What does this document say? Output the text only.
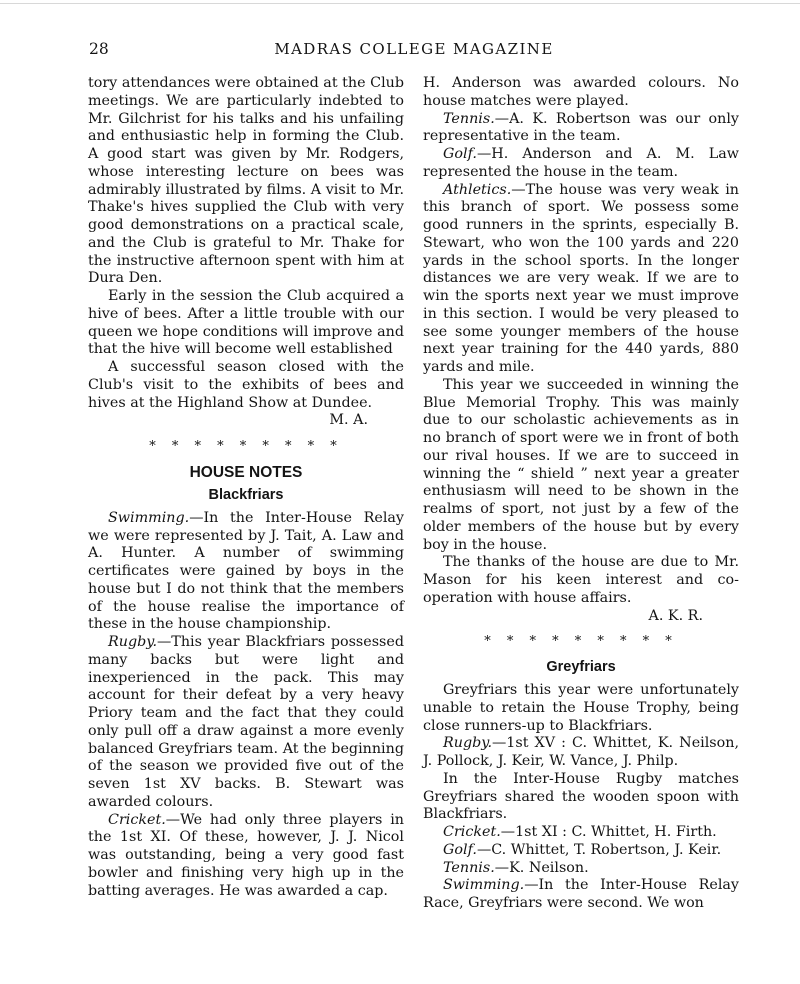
28	MADRAS COLLEGE MAGAZINE

tory attendances were obtained at the Club meetings. We are particularly indebted to Mr. Gilchrist for his talks and his unfailing and enthusiastic help in forming the Club. A good start was given by Mr. Rodgers, whose interesting lecture on bees was admirably illustrated by films. A visit to Mr. Thake's hives supplied the Club with very good demonstrations on a practical scale, and the Club is grateful to Mr. Thake for the instructive afternoon spent with him at Dura Den.

Early in the session the Club acquired a hive of bees. After a little trouble with our queen we hope conditions will improve and that the hive will become well established

A successful season closed with the Club's visit to the exhibits of bees and hives at the Highland Show at Dundee.

M. A.

* * * * * * * * *
HOUSE NOTES
Blackfriars

Swimming.—In the Inter-House Relay we were represented by J. Tait, A. Law and A. Hunter. A number of swimming certificates were gained by boys in the house but I do not think that the members of the house realise the importance of these in the house championship.

Rugby.—This year Blackfriars possessed many backs but were light and inexperienced in the pack. This may account for their defeat by a very heavy Priory team and the fact that they could only pull off a draw against a more evenly balanced Greyfriars team. At the beginning of the season we provided five out of the seven 1st XV backs. B. Stewart was awarded colours.

Cricket.—We had only three players in the 1st XI. Of these, however, J. J. Nicol was outstanding, being a very good fast bowler and finishing very high up in the batting averages. He was awarded a cap.

H. Anderson was awarded colours. No house matches were played.

Tennis.—A. K. Robertson was our only representative in the team.

Golf.—H. Anderson and A. M. Law represented the house in the team.

Athletics.—The house was very weak in this branch of sport. We possess some good runners in the sprints, especially B. Stewart, who won the 100 yards and 220 yards in the school sports. In the longer distances we are very weak. If we are to win the sports next year we must improve in this section. I would be very pleased to see some younger members of the house next year training for the 440 yards, 880 yards and mile.

This year we succeeded in winning the Blue Memorial Trophy. This was mainly due to our scholastic achievements as in no branch of sport were we in front of both our rival houses. If we are to succeed in winning the “ shield ” next year a greater enthusiasm will need to be shown in the realms of sport, not just by a few of the older members of the house but by every boy in the house.

The thanks of the house are due to Mr. Mason for his keen interest and co-operation with house affairs.

A. K. R.

* * * * * * * * *
Greyfriars

Greyfriars this year were unfortunately unable to retain the House Trophy, being close runners-up to Blackfriars.

Rugby.—1st XV : C. Whittet, K. Neilson, J. Pollock, J. Keir, W. Vance, J. Philp.

In the Inter-House Rugby matches Greyfriars shared the wooden spoon with Blackfriars.

Cricket.—1st XI : C. Whittet, H. Firth.

Golf.—C. Whittet, T. Robertson, J. Keir.

Tennis.—K. Neilson.

Swimming.—In the Inter-House Relay Race, Greyfriars were second. We won
